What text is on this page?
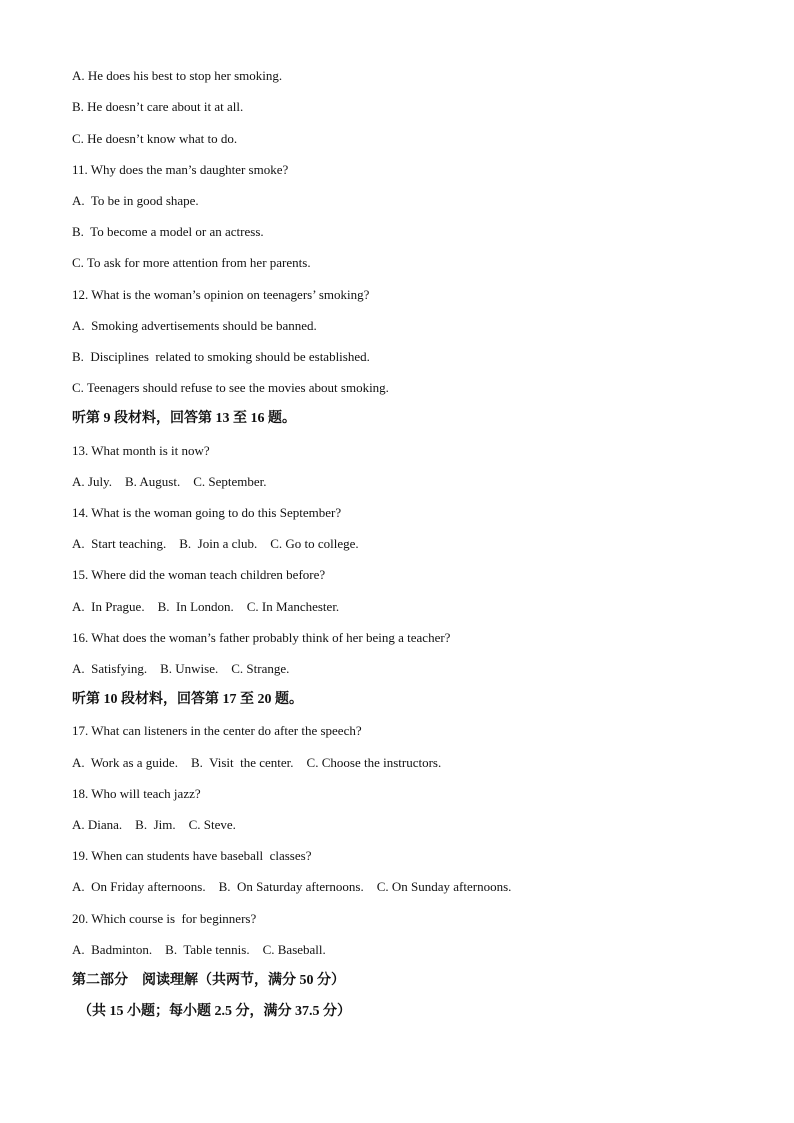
A. He does his best to stop her smoking.
B. He doesn’t care about it at all.
C. He doesn’t know what to do.
11. Why does the man’s daughter smoke?
A.  To be in good shape.
B.  To become a model or an actress.
C. To ask for more attention from her parents.
12. What is the woman’s opinion on teenagers’ smoking?
A.  Smoking advertisements should be banned.
B.  Disciplines  related to smoking should be established.
C. Teenagers should refuse to see the movies about smoking.
听第 9 段材料，回答第 13 至 16 题。
13. What month is it now?
A. July.    B. August.    C. September.
14. What is the woman going to do this September?
A.  Start teaching.    B.  Join a club.    C. Go to college.
15. Where did the woman teach children before?
A.  In Prague.    B.  In London.    C. In Manchester.
16. What does the woman’s father probably think of her being a teacher?
A.  Satisfying.    B. Unwise.    C. Strange.
听第 10 段材料，回答第 17 至 20 题。
17. What can listeners in the center do after the speech?
A.  Work as a guide.    B.  Visit  the center.    C. Choose the instructors.
18. Who will teach jazz?
A. Diana.    B.  Jim.    C. Steve.
19. When can students have baseball  classes?
A.  On Friday afternoons.    B.  On Saturday afternoons.    C. On Sunday afternoons.
20. Which course is  for beginners?
A.  Badminton.    B.  Table tennis.    C. Baseball.
第二部分    阅读理解（共两节，满分 50 分）
（共 15 小题；每小题 2.5 分，满分 37.5 分）
